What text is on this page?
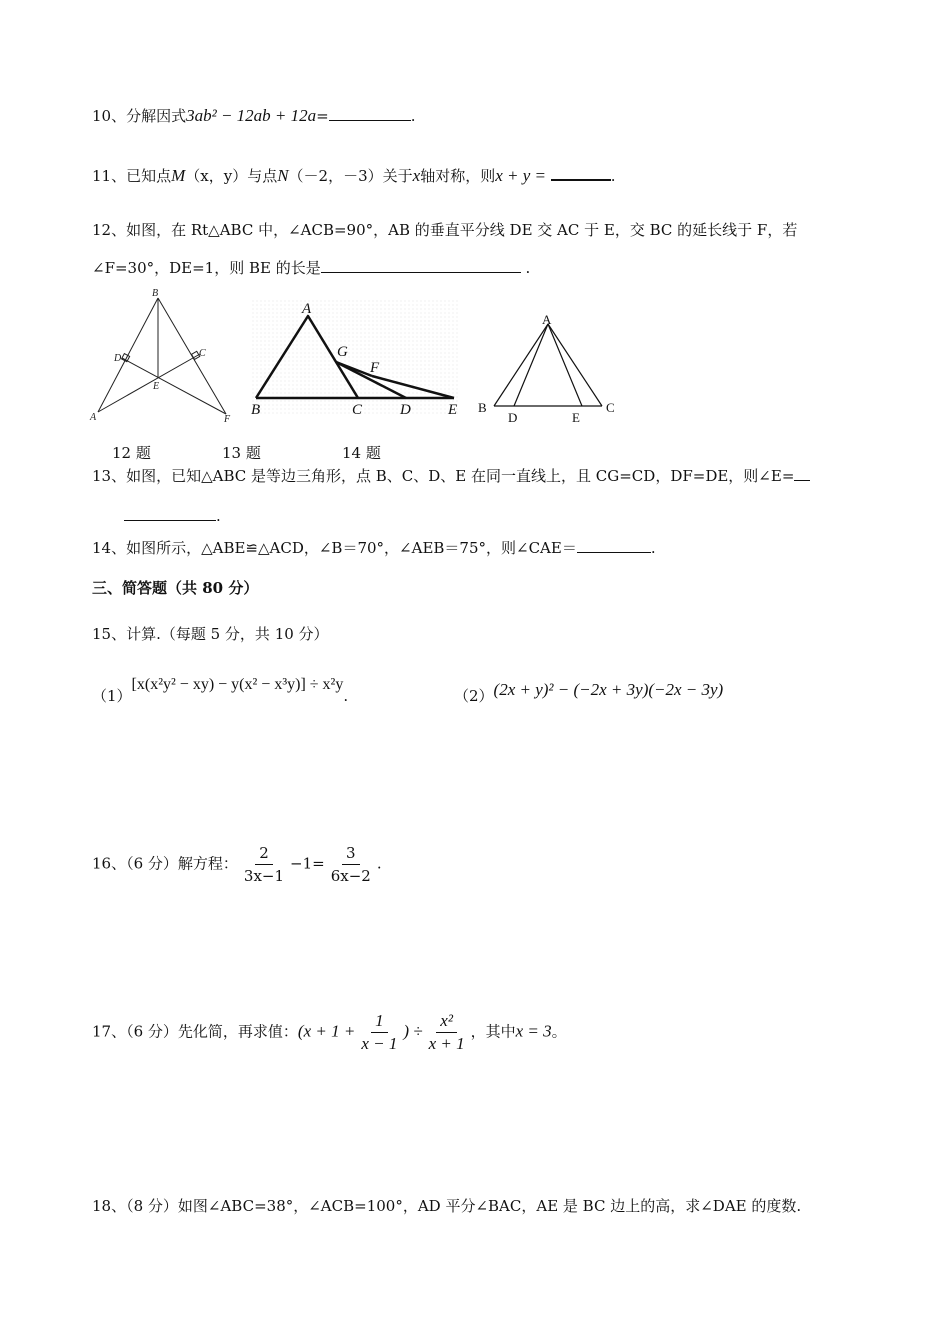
10、分解因式3ab² − 12ab + 12a=	.
11、已知点M（x，y）与点N（－2，－3）关于x轴对称，则x + y =	.
12、如图，在 Rt△ABC 中，∠ACB=90°，AB 的垂直平分线 DE 交 AC 于 E，交 BC 的延长线于 F，若
∠F=30°，DE=1，则 BE 的长是	.
B
A	F
D	C
E
A
G
F
B	C	D E
A
B
D	E
C
12 题	13 题	14 题
13、如图，已知△ABC 是等边三角形，点 B、C、D、E 在同一直线上，且 CG=CD，DF=DE，则∠E=
.
14、如图所示，△ABE≌△ACD，∠B＝70°，∠AEB＝75°，则∠CAE＝	.
三、简答题（共 80 分）
15、计算.（每题 5 分，共 10 分）
（1）[x(x²y² − xy) − y(x² − x³y)] ÷ x²y.	（2）(2x + y)² − (−2x + 3y)(−2x − 3y)
16、（6 分）解方程： $\frac{2}{3x-1} -1= \frac{3}{6x-2}$ .
17、（6 分）先化简，再求值：($x + 1 + \frac{1}{x - 1}$ ) ÷ $\frac{\text{x²}}{x + 1}$ ，其中x = 3。
18、（8 分）如图∠ABC=38°，∠ACB=100°，AD 平分∠BAC，AE 是 BC 边上的高，求∠DAE 的度数.
